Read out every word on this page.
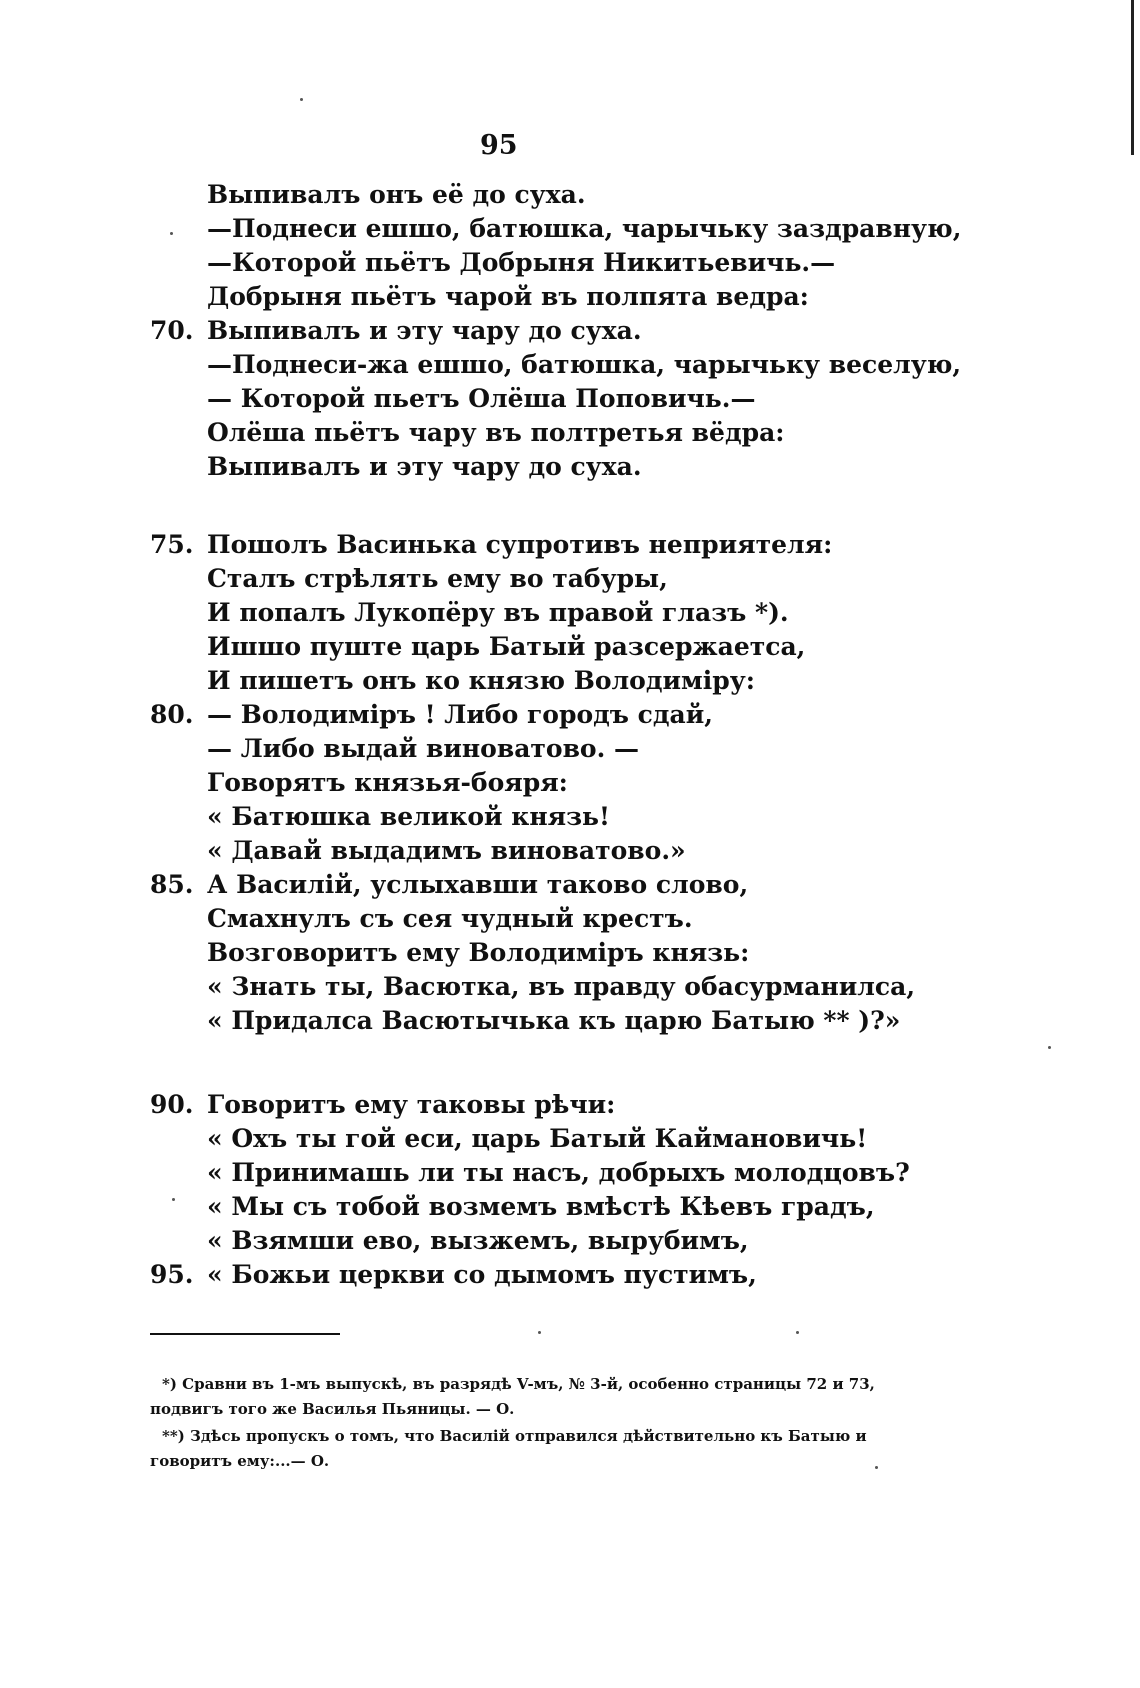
95
Выпивалъ онъ её до суха.
—Поднеси ешшо, батюшка, чарычьку заздравную,
—Которой пьётъ Добрыня Никитьевичь.—
Добрыня пьётъ чарой въ полпята ведра:
70. Выпивалъ и эту чару до суха.
—Поднеси-жа ешшо, батюшка, чарычьку веселую,
— Которой пьетъ Олёша Поповичь.—
Олёша пьётъ чару въ полтретья вёдра:
Выпивалъ и эту чару до суха.
75. Пошолъ Васинька супротивъ неприятеля:
Сталъ стрѣлять ему во табуры,
И попалъ Лукопёру въ правой глазъ *).
Ишшо пуште царь Батый разсержаетса,
И пишетъ онъ ко князю Володиміру:
80. — Володиміръ ! Либо городъ сдай,
— Либо выдай виноватово. —
Говорятъ князья-бояря:
« Батюшка великой князь!
« Давай выдадимъ виноватово.»
85. А Василій, услыхавши таково слово,
Смахнулъ съ сея чудный крестъ.
Возговоритъ ему Володиміръ князь:
« Знать ты, Васютка, въ правду обасурманилса,
« Придалса Васютычька къ царю Батыю ** )?»
90. Говоритъ ему таковы рѣчи:
« Охъ ты гой еси, царь Батый Каймановичь!
« Принимашь ли ты насъ, добрыхъ молодцовъ?
« Мы съ тобой возмемъ вмѣстѣ Кѣевъ градъ,
« Взямши ево, вызжемъ, вырубимъ,
95. « Божьи церкви со дымомъ пустимъ,

*) Сравни въ 1-мъ выпускѣ, въ разрядѣ V-мъ, № 3-й, особенно страницы 72 и 73, подвигъ того же Василья Пьяницы. — О.

**) Здѣсь пропускъ о томъ, что Василій отправился дѣйствительно къ Батыю и говоритъ ему:...— О.
